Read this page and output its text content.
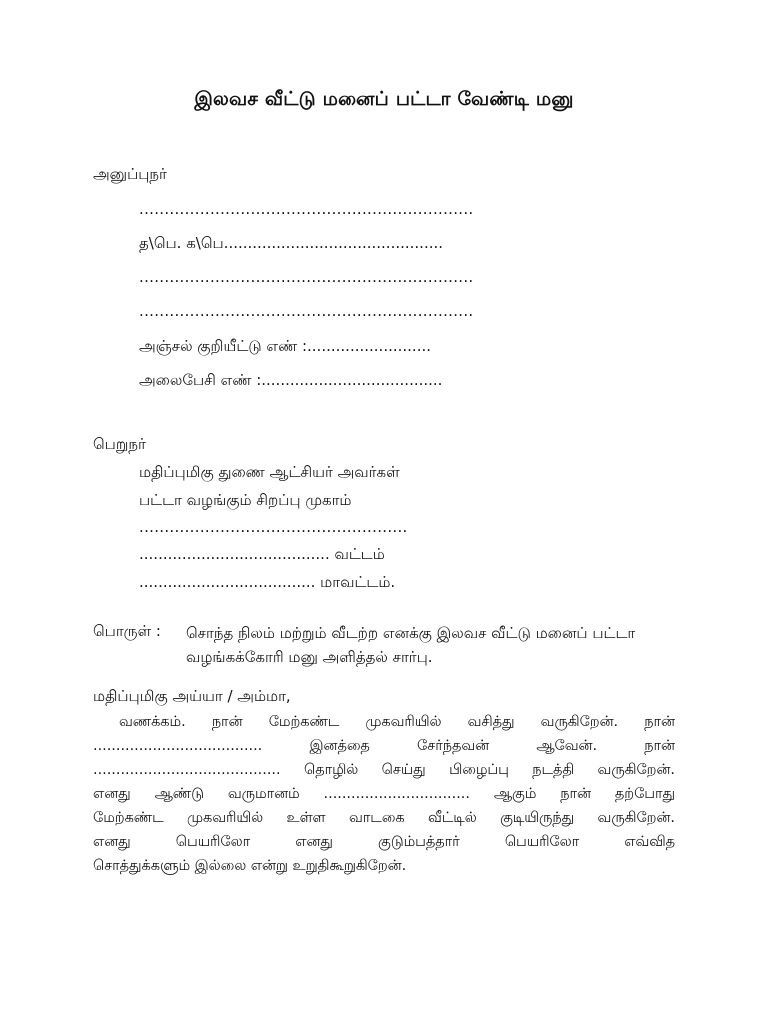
இலவச வீட்டு மனைப் பட்டா வேண்டி மனு
அனுப்புநர்
..................................................................
த\பெ. க\பெ..............................................
..................................................................
..................................................................
அஞ்சல் குறியீட்டு எண் :..........................
அலைபேசி எண் :......................................
பெறுநர்
மதிப்புமிகு துணை ஆட்சியர் அவர்கள்
பட்டா வழங்கும் சிறப்பு முகாம்
.....................................................
........................................ வட்டம்
..................................... மாவட்டம்.
பொருள் : சொந்த நிலம் மற்றும் வீடற்ற எனக்கு இலவச வீட்டு மனைப் பட்டா வழங்கக்கோரி மனு அளித்தல் சார்பு.
மதிப்புமிகு அய்யா / அம்மா,
வணக்கம். நான் மேற்கண்ட முகவரியில் வசித்து வருகிறேன். நான்
..................................... இனத்தை சேர்ந்தவன் ஆவேன். நான்
......................................... தொழில் செய்து பிழைப்பு நடத்தி வருகிறேன்.
எனது ஆண்டு வருமானம் ................................ ஆகும் நான் தற்போது
மேற்கண்ட முகவரியில் உள்ள வாடகை வீட்டில் குடியிருந்து வருகிறேன்.
எனது பெயரிலோ எனது குடும்பத்தார் பெயரிலோ எவ்வித
சொத்துக்களும் இல்லை என்று உறுதிகூறுகிறேன்.
